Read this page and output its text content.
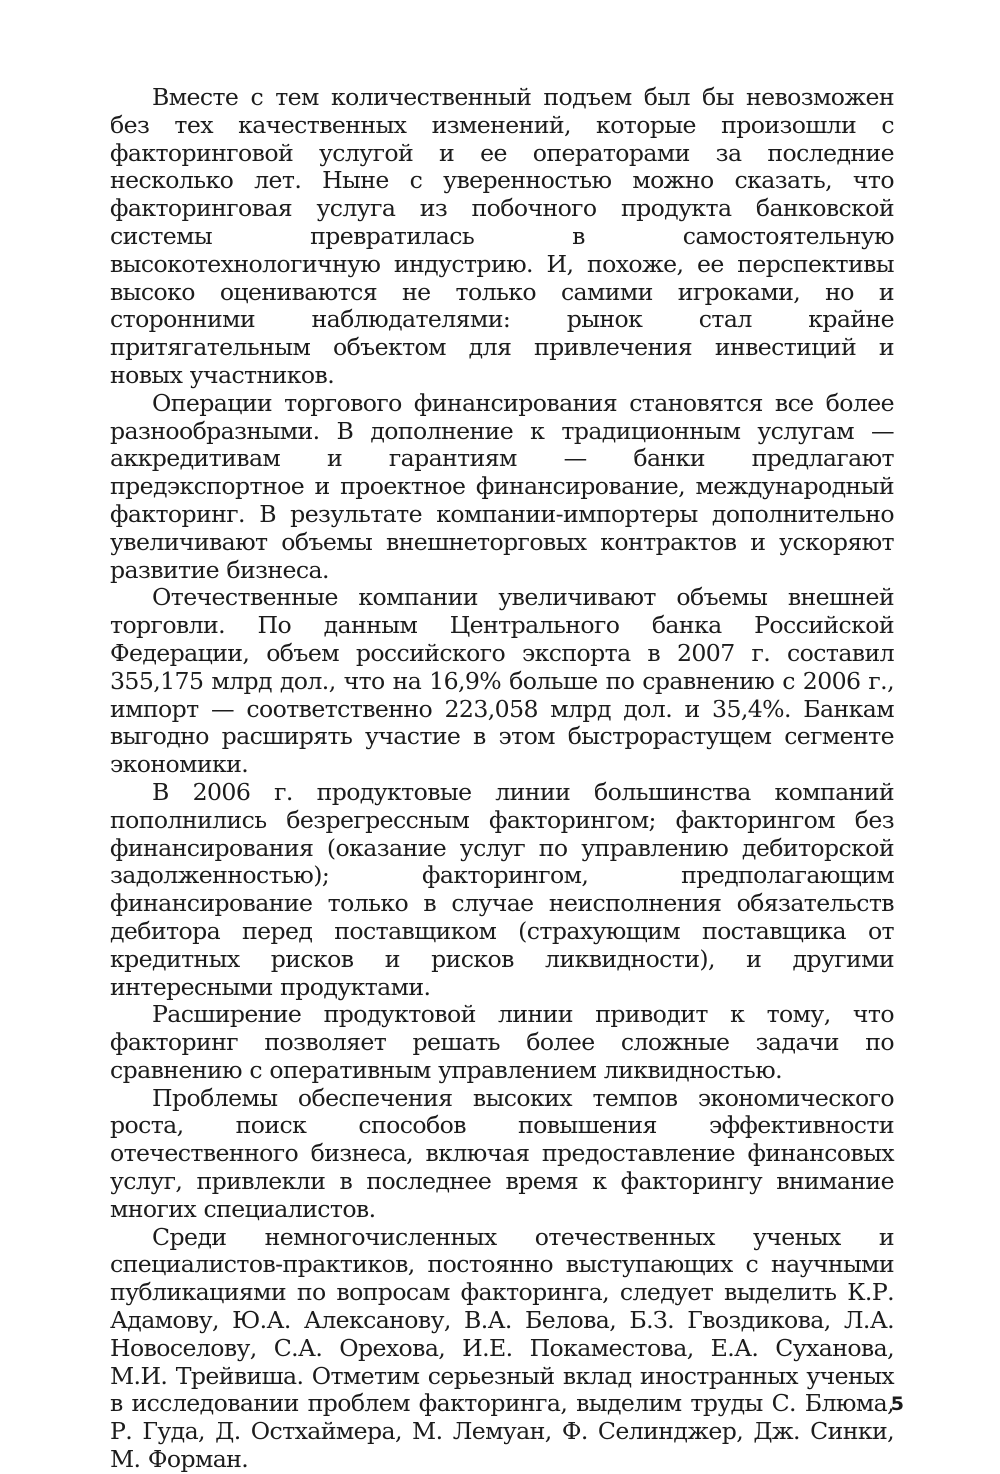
Вместе с тем количественный подъем был бы невозможен без тех качественных изменений, которые произошли с факторинговой услугой и ее операторами за последние несколько лет. Ныне с уверенностью можно сказать, что факторинговая услуга из побочного продукта банковской системы превратилась в самостоятельную высокотехнологичную индустрию. И, похоже, ее перспективы высоко оцениваются не только самими игроками, но и сторонними наблюдателями: рынок стал крайне притягательным объектом для привлечения инвестиций и новых участников.

Операции торгового финансирования становятся все более разнообразными. В дополнение к традиционным услугам — аккредитивам и гарантиям — банки предлагают предэкспортное и проектное финансирование, международный факторинг. В результате компании-импортеры дополнительно увеличивают объемы внешнеторговых контрактов и ускоряют развитие бизнеса.

Отечественные компании увеличивают объемы внешней торговли. По данным Центрального банка Российской Федерации, объем российского экспорта в 2007 г. составил 355,175 млрд дол., что на 16,9% больше по сравнению с 2006 г., импорт — соответственно 223,058 млрд дол. и 35,4%. Банкам выгодно расширять участие в этом быстрорастущем сегменте экономики.

В 2006 г. продуктовые линии большинства компаний пополнились безрегрессным факторингом; факторингом без финансирования (оказание услуг по управлению дебиторской задолженностью); факторингом, предполагающим финансирование только в случае неисполнения обязательств дебитора перед поставщиком (страхующим поставщика от кредитных рисков и рисков ликвидности), и другими интересными продуктами.

Расширение продуктовой линии приводит к тому, что факторинг позволяет решать более сложные задачи по сравнению с оперативным управлением ликвидностью.

Проблемы обеспечения высоких темпов экономического роста, поиск способов повышения эффективности отечественного бизнеса, включая предоставление финансовых услуг, привлекли в последнее время к факторингу внимание многих специалистов.

Среди немногочисленных отечественных ученых и специалистов-практиков, постоянно выступающих с научными публикациями по вопросам факторинга, следует выделить К.Р. Адамову, Ю.А. Алексанову, В.А. Белова, Б.З. Гвоздикова, Л.А. Новоселову, С.А. Орехова, И.Е. Покаместова, Е.А. Суханова, М.И. Трейвиша. Отметим серьезный вклад иностранных ученых в исследовании проблем факторинга, выделим труды С. Блюма, Р. Гуда, Д. Остхаймера, М. Лемуан, Ф. Селинджер, Дж. Синки, М. Форман.

5
